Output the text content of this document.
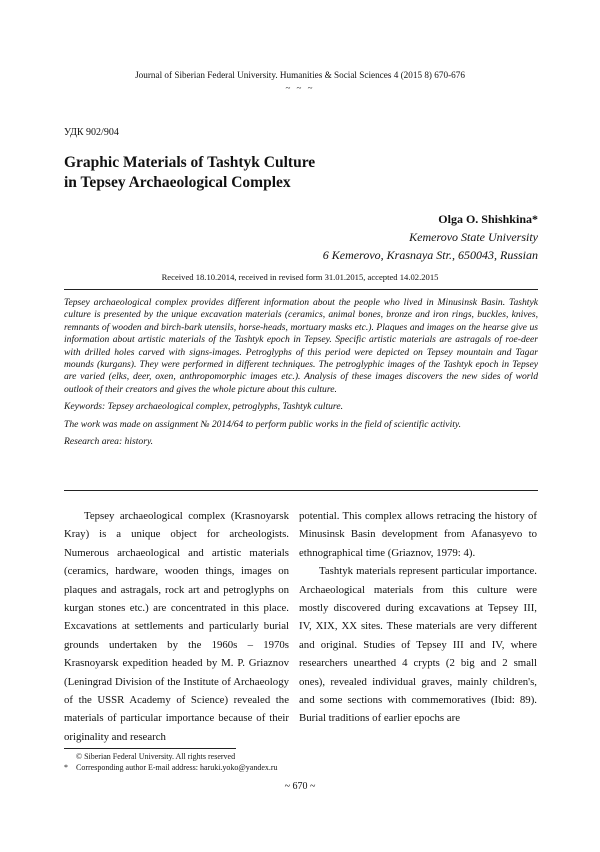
Journal of Siberian Federal University. Humanities & Social Sciences 4 (2015 8) 670-676
~ ~ ~
УДК 902/904
Graphic Materials of Tashtyk Culture
in Tepsey Archaeological Complex
Olga O. Shishkina*
Kemerovo State University
6 Kemerovo, Krasnaya Str., 650043, Russian
Received 18.10.2014, received in revised form 31.01.2015, accepted 14.02.2015

Tepsey archaeological complex provides different information about the people who lived in Minusinsk Basin. Tashtyk culture is presented by the unique excavation materials (ceramics, animal bones, bronze and iron rings, buckles, knives, remnants of wooden and birch-bark utensils, horse-heads, mortuary masks etc.). Plaques and images on the hearse give us information about artistic materials of the Tashtyk epoch in Tepsey. Specific artistic materials are astragals of roe-deer with drilled holes carved with signs-images. Petroglyphs of this period were depicted on Tepsey mountain and Tagar mounds (kurgans). They were performed in different techniques. The petroglyphic images of the Tashtyk epoch in Tepsey are varied (elks, deer, oxen, anthropomorphic images etc.). Analysis of these images discovers the new sides of world outlook of their creators and gives the whole picture about this culture.

Keywords: Tepsey archaeological complex, petroglyphs, Tashtyk culture.

The work was made on assignment № 2014/64 to perform public works in the field of scientific activity.

Research area: history.

Tepsey archaeological complex (Krasnoyarsk Kray) is a unique object for archeologists. Numerous archaeological and artistic materials (ceramics, hardware, wooden things, images on plaques and astragals, rock art and petroglyphs on kurgan stones etc.) are concentrated in this place. Excavations at settlements and particularly burial grounds undertaken by the 1960s – 1970s Krasnoyarsk expedition headed by M. P. Griaznov (Leningrad Division of the Institute of Archaeology of the USSR Academy of Science) revealed the materials of particular importance because of their originality and research

potential. This complex allows retracing the history of Minusinsk Basin development from Afanasyevo to ethnographical time (Griaznov, 1979: 4).

Tashtyk materials represent particular importance. Archaeological materials from this culture were mostly discovered during excavations at Tepsey III, IV, XIX, XX sites. These materials are very different and original. Studies of Tepsey III and IV, where researchers unearthed 4 crypts (2 big and 2 small ones), revealed individual graves, mainly children's, and some sections with commemoratives (Ibid: 89). Burial traditions of earlier epochs are

© Siberian Federal University. All rights reserved
* Corresponding author E-mail address: haruki.yoko@yandex.ru
~ 670 ~
